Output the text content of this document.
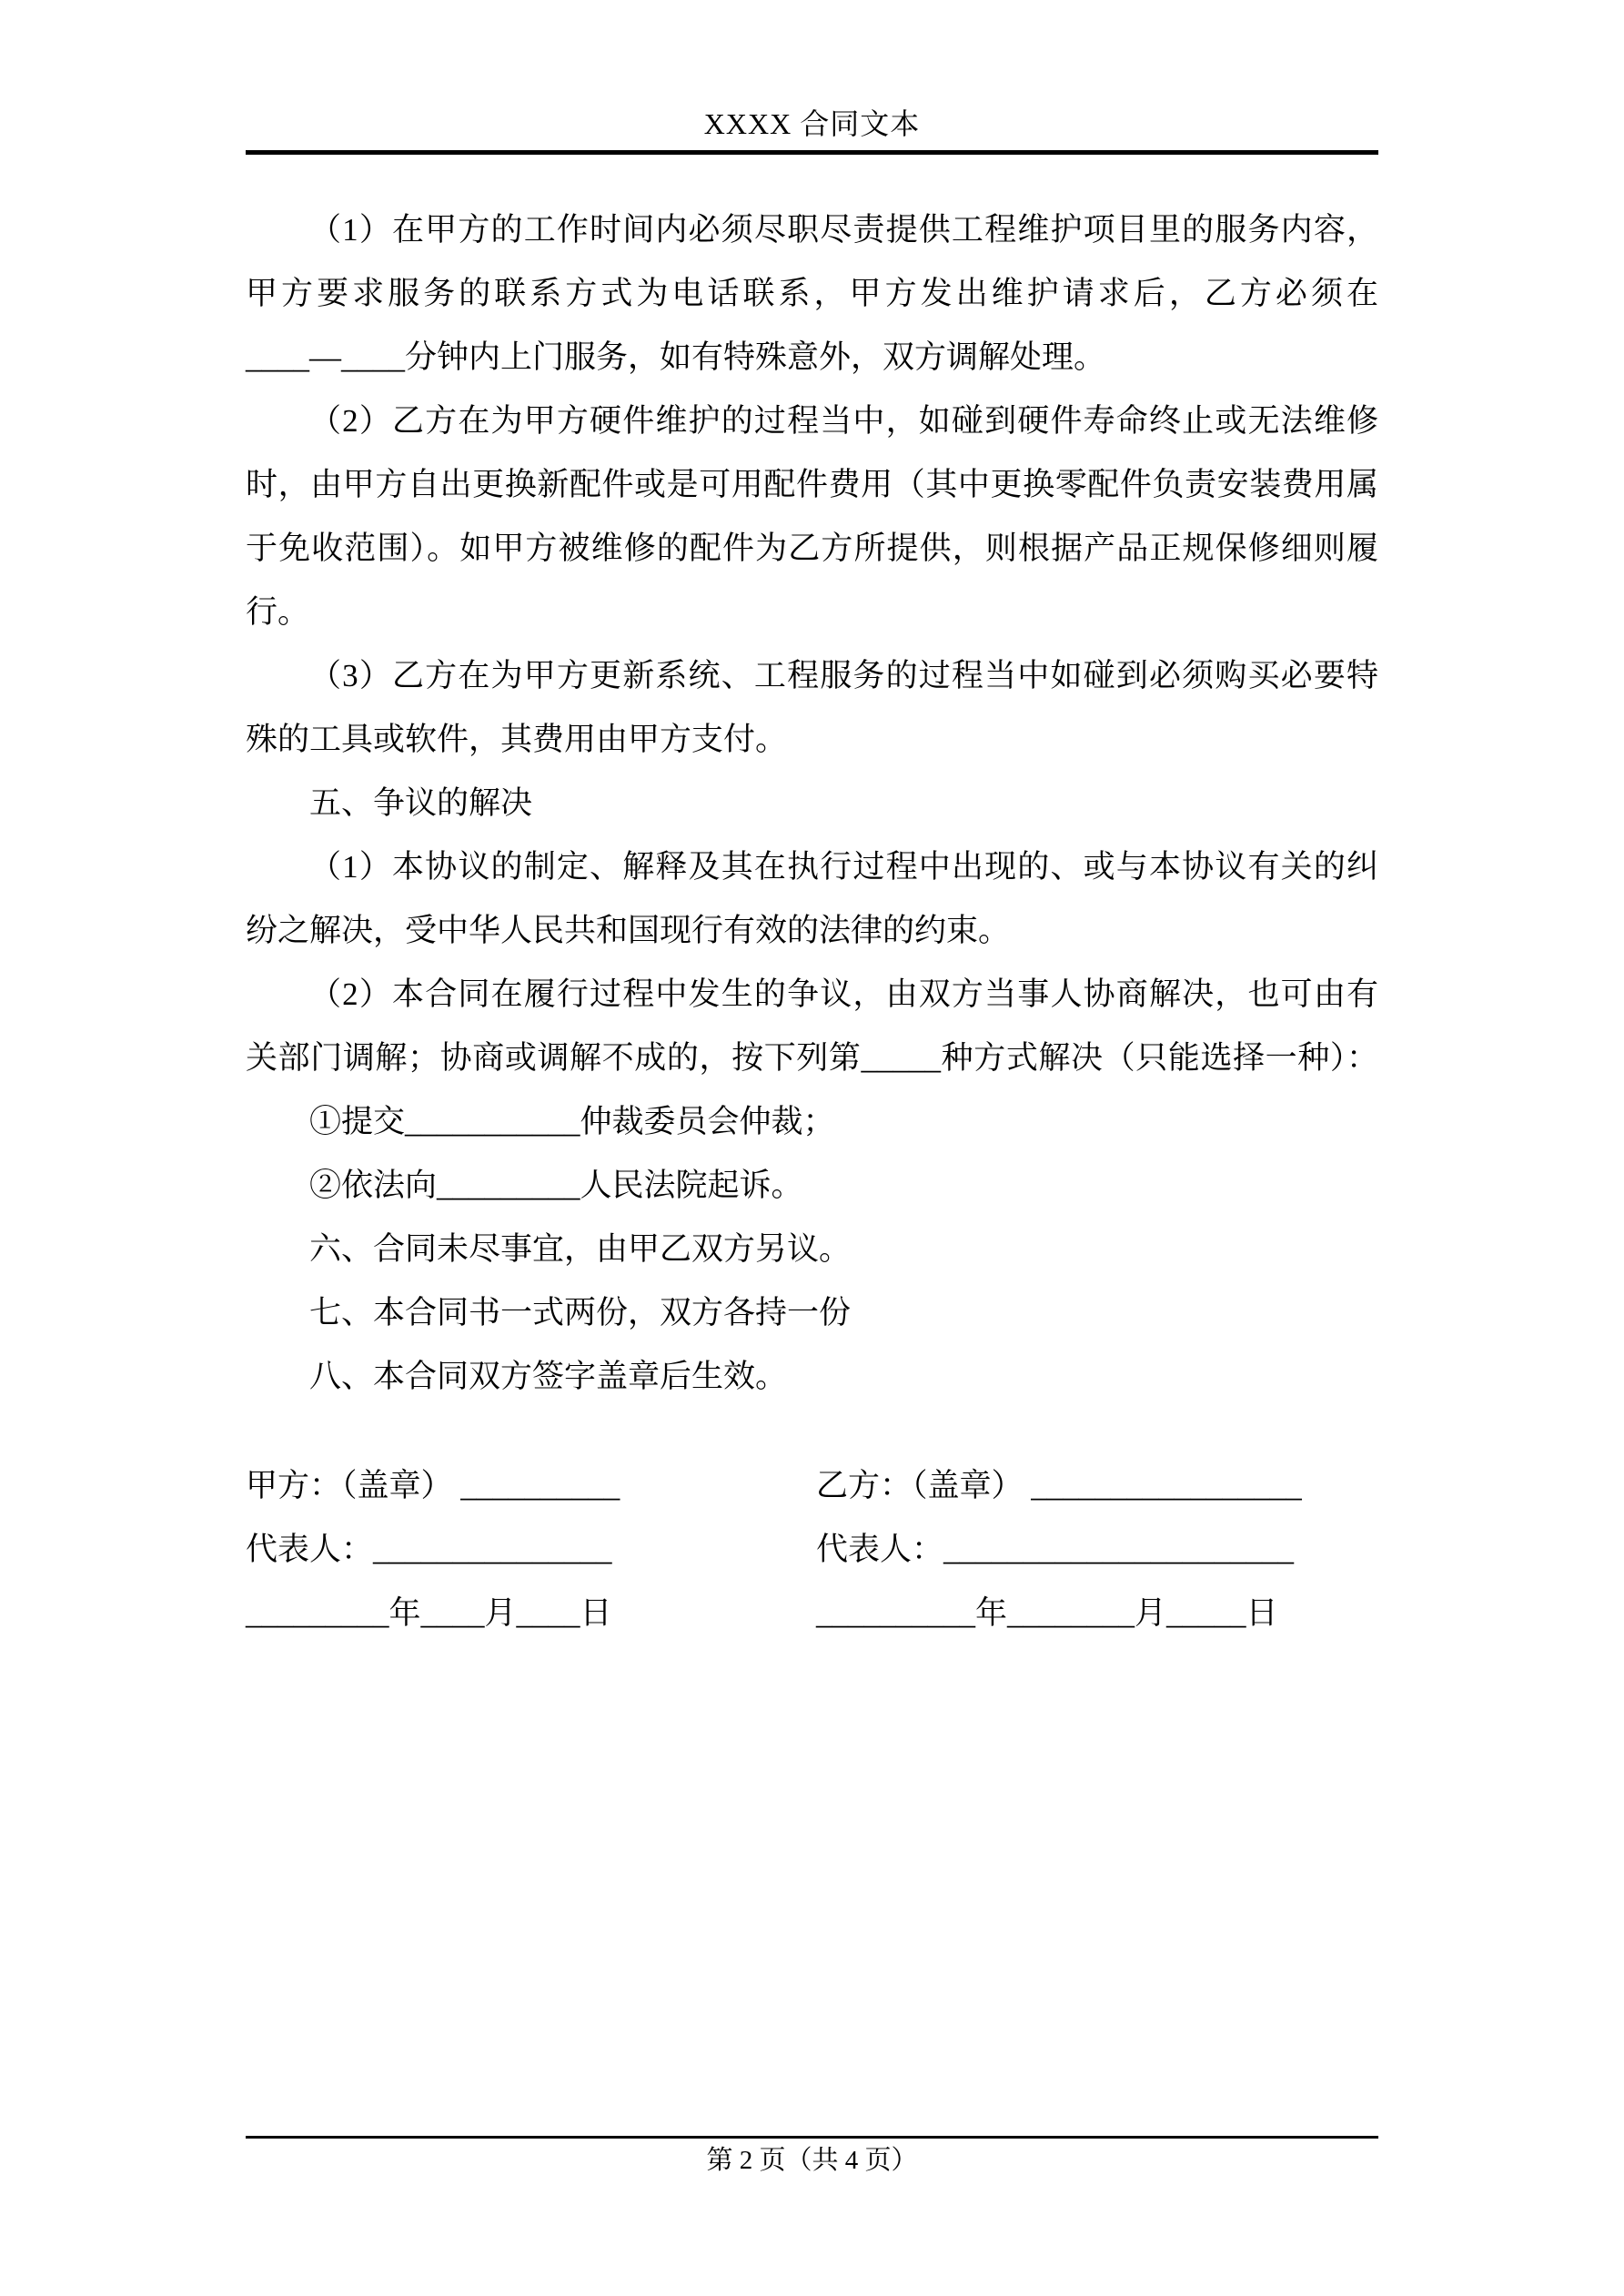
XXXX 合同文本
（1）在甲方的工作时间内必须尽职尽责提供工程维护项目里的服务内容，
甲方要求服务的联系方式为电话联系，甲方发出维护请求后，乙方必须在
____—____分钟内上门服务，如有特殊意外，双方调解处理。
（2）乙方在为甲方硬件维护的过程当中，如碰到硬件寿命终止或无法维修
时，由甲方自出更换新配件或是可用配件费用（其中更换零配件负责安装费用属
于免收范围）。如甲方被维修的配件为乙方所提供，则根据产品正规保修细则履
行。
（3）乙方在为甲方更新系统、工程服务的过程当中如碰到必须购买必要特
殊的工具或软件，其费用由甲方支付。
五、争议的解决
（1）本协议的制定、解释及其在执行过程中出现的、或与本协议有关的纠
纷之解决，受中华人民共和国现行有效的法律的约束。
（2）本合同在履行过程中发生的争议，由双方当事人协商解决，也可由有
关部门调解；协商或调解不成的，按下列第_____种方式解决（只能选择一种）：
①提交___________仲裁委员会仲裁；
②依法向_________人民法院起诉。
六、合同未尽事宜，由甲乙双方另议。
七、本合同书一式两份，双方各持一份
八、本合同双方签字盖章后生效。
甲方：（盖章） __________	乙方：（盖章） _________________
代表人：_______________	代表人：______________________
_________年____月____日	__________年________月_____日
第 2 页（共 4 页）
